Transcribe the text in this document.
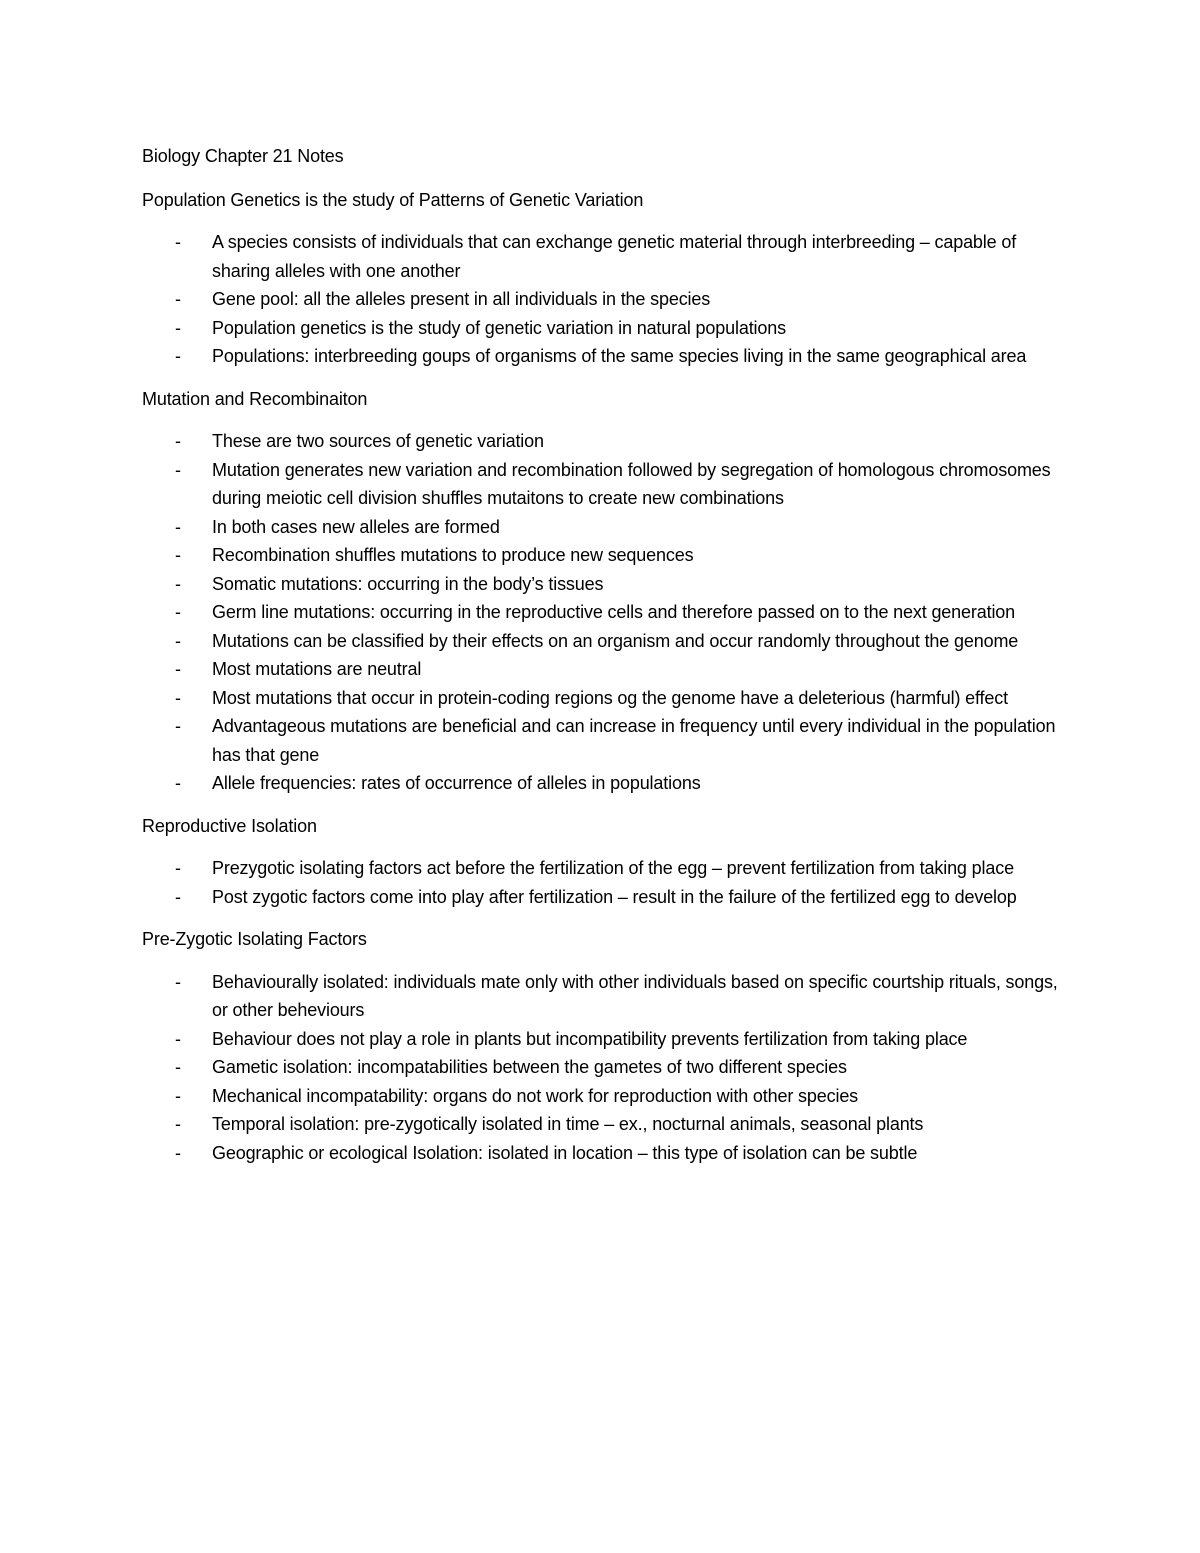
Biology Chapter 21 Notes
Population Genetics is the study of Patterns of Genetic Variation
- A species consists of individuals that can exchange genetic material through interbreeding – capable of sharing alleles with one another
- Gene pool: all the alleles present in all individuals in the species
- Population genetics is the study of genetic variation in natural populations
- Populations: interbreeding goups of organisms of the same species living in the same geographical area
Mutation and Recombinaiton
- These are two sources of genetic variation
- Mutation generates new variation and recombination followed by segregation of homologous chromosomes during meiotic cell division shuffles mutaitons to create new combinations
- In both cases new alleles are formed
- Recombination shuffles mutations to produce new sequences
- Somatic mutations: occurring in the body’s tissues
- Germ line mutations: occurring in the reproductive cells and therefore passed on to the next generation
- Mutations can be classified by their effects on an organism and occur randomly throughout the genome
- Most mutations are neutral
- Most mutations that occur in protein-coding regions og the genome have a deleterious (harmful) effect
- Advantageous mutations are beneficial and can increase in frequency until every individual in the population has that gene
- Allele frequencies: rates of occurrence of alleles in populations
Reproductive Isolation
- Prezygotic isolating factors act before the fertilization of the egg – prevent fertilization from taking place
- Post zygotic factors come into play after fertilization – result in the failure of the fertilized egg to develop
Pre-Zygotic Isolating Factors
- Behaviourally isolated: individuals mate only with other individuals based on specific courtship rituals, songs, or other beheviours
- Behaviour does not play a role in plants but incompatibility prevents fertilization from taking place
- Gametic isolation: incompatabilities between the gametes of two different species
- Mechanical incompatability: organs do not work for reproduction with other species
- Temporal isolation: pre-zygotically isolated in time – ex., nocturnal animals, seasonal plants
- Geographic or ecological Isolation: isolated in location – this type of isolation can be subtle
